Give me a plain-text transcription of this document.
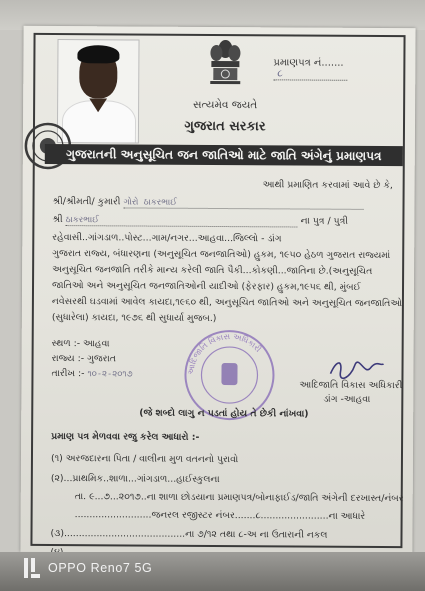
સત્યમેવ જયતે
ગુજરાત સરકાર
પ્રમાણપત્ર નં.......૮
ગુજરાતની અનુસૂચિત જન જાતિઓ માટે જાતિ અંગેનું પ્રમાણપત્ર
આથી પ્રમાણિત કરવામાં આવે છે કે,
શ્રી/શ્રીમતી/ કુમારી ગોરો ઠાકરભાઈ
શ્રી ઠાકરભાઈ	ના પુત્ર / પુત્રી
રહેવાસી..ગાંગડાળ..પોસ્ટ...ગામ/નગર...આહવા...જિલ્લો - ડાંગ
ગુજરાત રાજ્ય, બંધારણના (અનુસૂચિત જનજાતિઓ) હુકમ, ૧૯૫૦ હેઠળ ગુજરાત રાજ્યમાં
અનુસૂચિત જનજાતિ તરીકે માન્ય કરેલી જાતિ પૈકી...કોકણી...જાતિના છે.(અનુસૂચિત
જાતિઓ અને અનુસૂચિત જનજાતિઓની યાદીઓ (ફેરફાર) હુકમ,૧૯૫૬ થી, મુંબઈ
નવેસરથી ઘડવામાં આવેલ કાયદા,૧૯૬૦ થી, અનુસૂચિત જાતિઓ અને અનુસૂચિત જનજાતિઓ
(સુધારેલા) કાયદા, ૧૯૭૬ થી સુધાર્યા મુજબ.)
સ્થળ :- આહવા
રાજ્ય :- ગુજરાત
તારીખ :- ૧૦-૨-૨૦૧૭	આદિજાતિ વિકાસ અધિકારી
આદિજાતિ વિકાસ અધિકારી
ડાંગ -આહવા
(જે શબ્દો લાગુ ન પડતાં હોય તે છેકી નાંખવા)
પ્રમાણ પત્ર મેળવવા રજુ કરેલ આધારો :-
(૧) અરજદારના પિતા / વાલીના મુળ વતનનો પુરાવો
(૨)...પ્રાથમિક..શાળા...ગાંગડાળ...હાઈસ્કુલના
તા. ૯...૭...૨૦૧૭..ના શાળા છોડયાના પ્રમાણપત્ર/બોનાફાઈડ/જાતિ અંગેની દરખાસ્ત/નંબર
..........................જનરલ રજીસ્ટર નંબર.......૮.......................ના આધારે
(૩).........................................ના ૭/૧૨ તથા ૮-અ ના ઉતારાની નકલ
OPPO Reno7 5G
